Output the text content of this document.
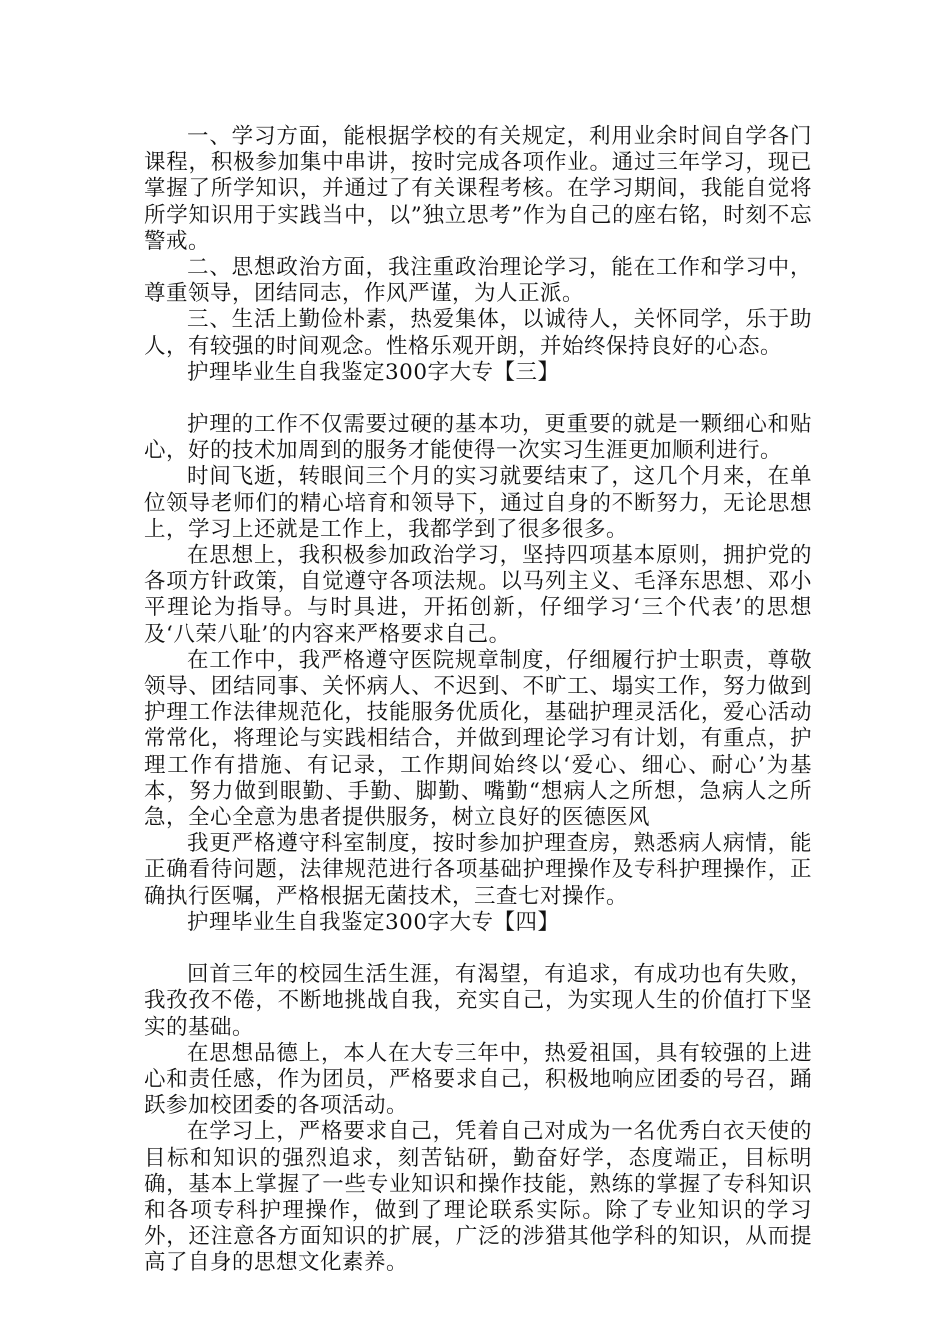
一、学习方面，能根据学校的有关规定，利用业余时间自学各门课程，积极参加集中串讲，按时完成各项作业。通过三年学习，现已掌握了所学知识，并通过了有关课程考核。在学习期间，我能自觉将所学知识用于实践当中，以”独立思考”作为自己的座右铭，时刻不忘警戒。

二、思想政治方面，我注重政治理论学习，能在工作和学习中，尊重领导，团结同志，作风严谨，为人正派。

三、生活上勤俭朴素，热爱集体，以诚待人，关怀同学，乐于助人，有较强的时间观念。性格乐观开朗，并始终保持良好的心态。

护理毕业生自我鉴定300字大专【三】

护理的工作不仅需要过硬的基本功，更重要的就是一颗细心和贴心，好的技术加周到的服务才能使得一次实习生涯更加顺利进行。

时间飞逝，转眼间三个月的实习就要结束了，这几个月来，在单位领导老师们的精心培育和领导下，通过自身的不断努力，无论思想上，学习上还就是工作上，我都学到了很多很多。

在思想上，我积极参加政治学习，坚持四项基本原则，拥护党的各项方针政策，自觉遵守各项法规。以马列主义、毛泽东思想、邓小平理论为指导。与时具进，开拓创新，仔细学习‘三个代表’的思想及‘八荣八耻’的内容来严格要求自己。

在工作中，我严格遵守医院规章制度，仔细履行护士职责，尊敬领导、团结同事、关怀病人、不迟到、不旷工、塌实工作，努力做到护理工作法律规范化，技能服务优质化，基础护理灵活化，爱心活动常常化，将理论与实践相结合，并做到理论学习有计划，有重点，护理工作有措施、有记录，工作期间始终以‘爱心、细心、耐心’为基本，努力做到眼勤、手勤、脚勤、嘴勤“想病人之所想，急病人之所急，全心全意为患者提供服务，树立良好的医德医风

我更严格遵守科室制度，按时参加护理查房，熟悉病人病情，能正确看待问题，法律规范进行各项基础护理操作及专科护理操作，正确执行医嘱，严格根据无菌技术，三查七对操作。

护理毕业生自我鉴定300字大专【四】

回首三年的校园生活生涯，有渴望，有追求，有成功也有失败，我孜孜不倦，不断地挑战自我，充实自己，为实现人生的价值打下坚实的基础。

在思想品德上，本人在大专三年中，热爱祖国，具有较强的上进心和责任感，作为团员，严格要求自己，积极地响应团委的号召，踊跃参加校团委的各项活动。

在学习上，严格要求自己，凭着自己对成为一名优秀白衣天使的目标和知识的强烈追求，刻苦钻研，勤奋好学，态度端正，目标明确，基本上掌握了一些专业知识和操作技能，熟练的掌握了专科知识和各项专科护理操作，做到了理论联系实际。除了专业知识的学习外，还注意各方面知识的扩展，广泛的涉猎其他学科的知识，从而提高了自身的思想文化素养。
